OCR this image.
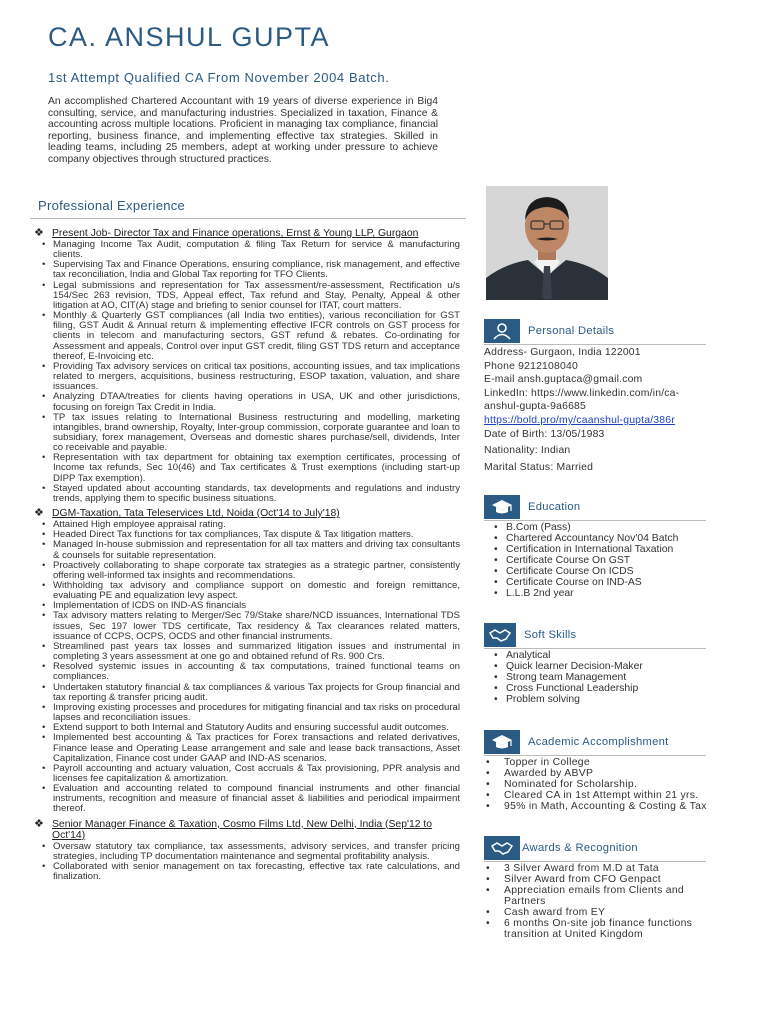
CA. ANSHUL GUPTA

1st Attempt Qualified CA From November 2004 Batch.

An accomplished Chartered Accountant with 19 years of diverse experience in Big4 consulting, service, and manufacturing industries. Specialized in taxation, Finance & accounting across multiple locations. Proficient in managing tax compliance, financial reporting, business finance, and implementing effective tax strategies. Skilled in leading teams, including 25 members, adept at working under pressure to achieve company objectives through structured practices.

Professional Experience
❖ Present Job- Director Tax and Finance operations, Ernst & Young LLP, Gurgaon
• Managing Income Tax Audit, computation & filing Tax Return for service & manufacturing clients.
• Supervising Tax and Finance Operations, ensuring compliance, risk management, and effective tax reconciliation, India and Global Tax reporting for TFO Clients.
• Legal submissions and representation for Tax assessment/re-assessment, Rectification u/s 154/Sec 263 revision, TDS, Appeal effect, Tax refund and Stay, Penalty, Appeal & other litigation at AO, CIT(A) stage and briefing to senior counsel for ITAT, court matters.
• Monthly & Quarterly GST compliances (all India two entities), various reconciliation for GST filing, GST Audit & Annual return & implementing effective IFCR controls on GST process for clients in telecom and manufacturing sectors, GST refund & rebates. Co-ordinating for Assessment and appeals, Control over input GST credit, filing GST TDS return and acceptance thereof, E-Invoicing etc.
• Providing Tax advisory services on critical tax positions, accounting issues, and tax implications related to mergers, acquisitions, business restructuring, ESOP taxation, valuation, and share issuances.
• Analyzing DTAA/treaties for clients having operations in USA, UK and other jurisdictions, focusing on foreign Tax Credit in India.
• TP tax issues relating to International Business restructuring and modelling, marketing intangibles, brand ownership, Royalty, Inter-group commission, corporate guarantee and loan to subsidiary, forex management, Overseas and domestic shares purchase/sell, dividends, Inter co receivable and payable.
• Representation with tax department for obtaining tax exemption certificates, processing of Income tax refunds, Sec 10(46) and Tax certificates & Trust exemptions (including start-up DIPP Tax exemption).
• Stayed updated about accounting standards, tax developments and regulations and industry trends, applying them to specific business situations.
❖ DGM-Taxation, Tata Teleservices Ltd, Noida (Oct'14 to July'18)
• Attained High employee appraisal rating.
• Headed Direct Tax functions for tax compliances, Tax dispute & Tax litigation matters.
• Managed In-house submission and representation for all tax matters and driving tax consultants & counsels for suitable representation.
• Proactively collaborating to shape corporate tax strategies as a strategic partner, consistently offering well-informed tax insights and recommendations.
• Withholding tax advisory and compliance support on domestic and foreign remittance, evaluating PE and equalization levy aspect.
• Implementation of ICDS on IND-AS financials
• Tax advisory matters relating to Merger/Sec 79/Stake share/NCD issuances, International TDS issues, Sec 197 lower TDS certificate, Tax residency & Tax clearances related matters, issuance of CCPS, OCPS, OCDS and other financial instruments.
• Streamlined past years tax losses and summarized litigation issues and instrumental in completing 3 years assessment at one go and obtained refund of Rs. 900 Crs.
• Resolved systemic issues in accounting & tax computations, trained functional teams on compliances.
• Undertaken statutory financial & tax compliances & various Tax projects for Group financial and tax reporting & transfer pricing audit.
• Improving existing processes and procedures for mitigating financial and tax risks on procedural lapses and reconciliation issues.
• Extend support to both Internal and Statutory Audits and ensuring successful audit outcomes.
• Implemented best accounting & Tax practices for Forex transactions and related derivatives, Finance lease and Operating Lease arrangement and sale and lease back transactions, Asset Capitalization, Finance cost under GAAP and IND-AS scenarios.
• Payroll accounting and actuary valuation, Cost accruals & Tax provisioning, PPR analysis and licenses fee capitalization & amortization.
• Evaluation and accounting related to compound financial instruments and other financial instruments, recognition and measure of financial asset & liabilities and periodical impairment thereof.
❖ Senior Manager Finance & Taxation, Cosmo Films Ltd, New Delhi, India (Sep'12 to Oct'14)
• Oversaw statutory tax compliance, tax assessments, advisory services, and transfer pricing strategies, including TP documentation maintenance and segmental profitability analysis.
• Collaborated with senior management on tax forecasting, effective tax rate calculations, and finalization.
Personal Details

Address- Gurgaon, India 122001

Phone 9212108040

E-mail ansh.guptaca@gmail.com

LinkedIn: https://www.linkedin.com/in/ca-

anshul-gupta-9a6685

https://bold.pro/my/caanshul-gupta/386r

Date of Birth: 13/05/1983

Nationality: Indian

Marital Status: Married

Education
• B.Com (Pass)
• Chartered Accountancy Nov'04 Batch
• Certification in International Taxation
• Certificate Course On GST
• Certificate Course On ICDS
• Certificate Course on IND-AS
• L.L.B 2nd year
Soft Skills
• Analytical
• Quick learner Decision-Maker
• Strong team Management
• Cross Functional Leadership
• Problem solving
Academic Accomplishment
• Topper in College
• Awarded by ABVP
• Nominated for Scholarship.
• Cleared CA in 1st Attempt within 21 yrs.
• 95% in Math, Accounting & Costing & Tax
Awards & Recognition
• 3 Silver Award from M.D at Tata
• Silver Award from CFO Genpact
• Appreciation emails from Clients and Partners
• Cash award from EY
• 6 months On-site job finance functions transition at United Kingdom
